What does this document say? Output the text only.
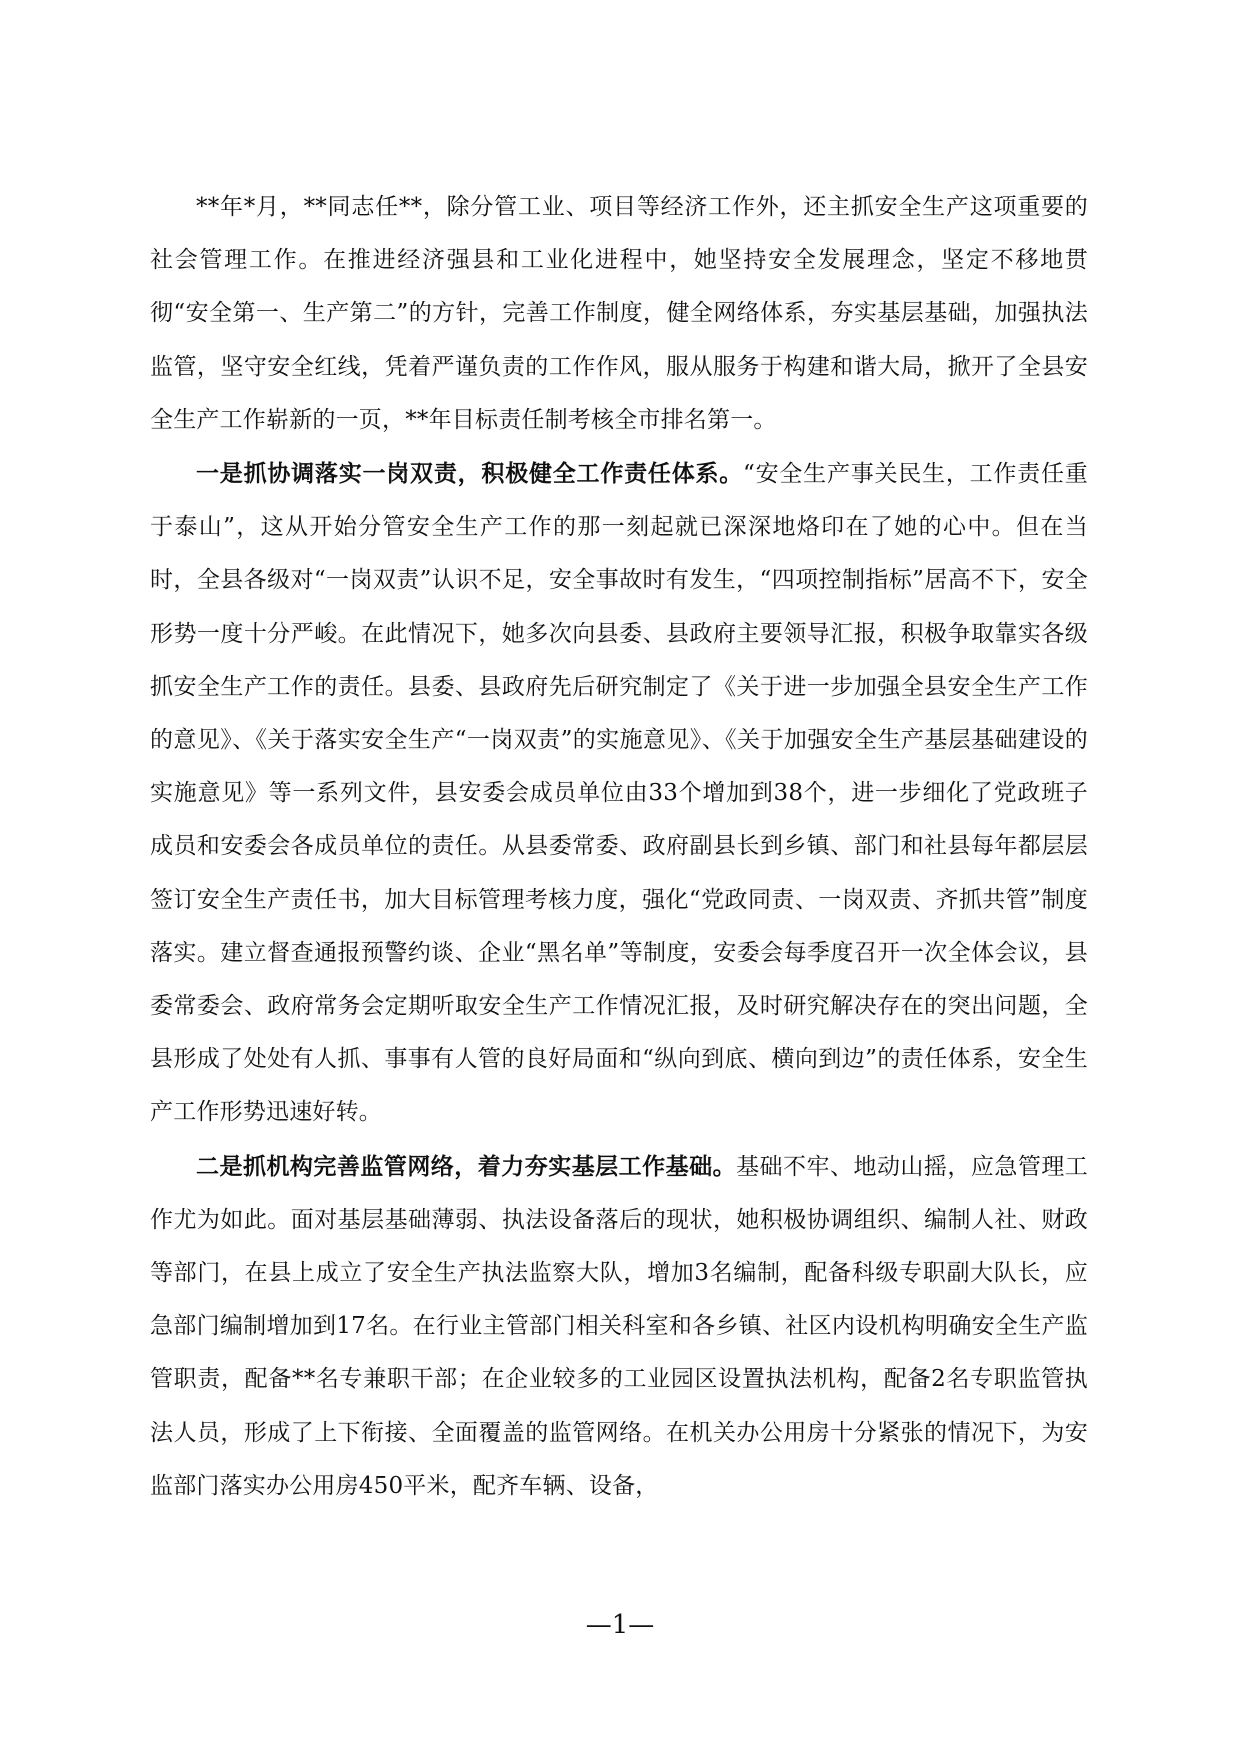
**年*月，**同志任**，除分管工业、项目等经济工作外，还主抓安全生产这项重要的社会管理工作。在推进经济强县和工业化进程中，她坚持安全发展理念，坚定不移地贯彻“安全第一、生产第二”的方针，完善工作制度，健全网络体系，夯实基层基础，加强执法监管，坚守安全红线，凭着严谨负责的工作作风，服从服务于构建和谐大局，掀开了全县安全生产工作崭新的一页，**年目标责任制考核全市排名第一。

一是抓协调落实一岗双责，积极健全工作责任体系。“安全生产事关民生，工作责任重于泰山”，这从开始分管安全生产工作的那一刻起就已深深地烙印在了她的心中。但在当时，全县各级对“一岗双责”认识不足，安全事故时有发生，“四项控制指标”居高不下，安全形势一度十分严峻。在此情况下，她多次向县委、县政府主要领导汇报，积极争取靠实各级抓安全生产工作的责任。县委、县政府先后研究制定了《关于进一步加强全县安全生产工作的意见》、《关于落实安全生产“一岗双责”的实施意见》、《关于加强安全生产基层基础建设的实施意见》等一系列文件，县安委会成员单位由33个增加到38个，进一步细化了党政班子成员和安委会各成员单位的责任。从县委常委、政府副县长到乡镇、部门和社县每年都层层签订安全生产责任书，加大目标管理考核力度，强化“党政同责、一岗双责、齐抓共管”制度落实。建立督查通报预警约谈、企业“黑名单”等制度，安委会每季度召开一次全体会议，县委常委会、政府常务会定期听取安全生产工作情况汇报，及时研究解决存在的突出问题，全县形成了处处有人抓、事事有人管的良好局面和“纵向到底、横向到边”的责任体系，安全生产工作形势迅速好转。

二是抓机构完善监管网络，着力夯实基层工作基础。基础不牢、地动山摇，应急管理工作尤为如此。面对基层基础薄弱、执法设备落后的现状，她积极协调组织、编制人社、财政等部门，在县上成立了安全生产执法监察大队，增加3名编制，配备科级专职副大队长，应急部门编制增加到17名。在行业主管部门相关科室和各乡镇、社区内设机构明确安全生产监管职责，配备**名专兼职干部；在企业较多的工业园区设置执法机构，配备2名专职监管执法人员，形成了上下衔接、全面覆盖的监管网络。在机关办公用房十分紧张的情况下，为安监部门落实办公用房450平米，配齐车辆、设备，

—1—
